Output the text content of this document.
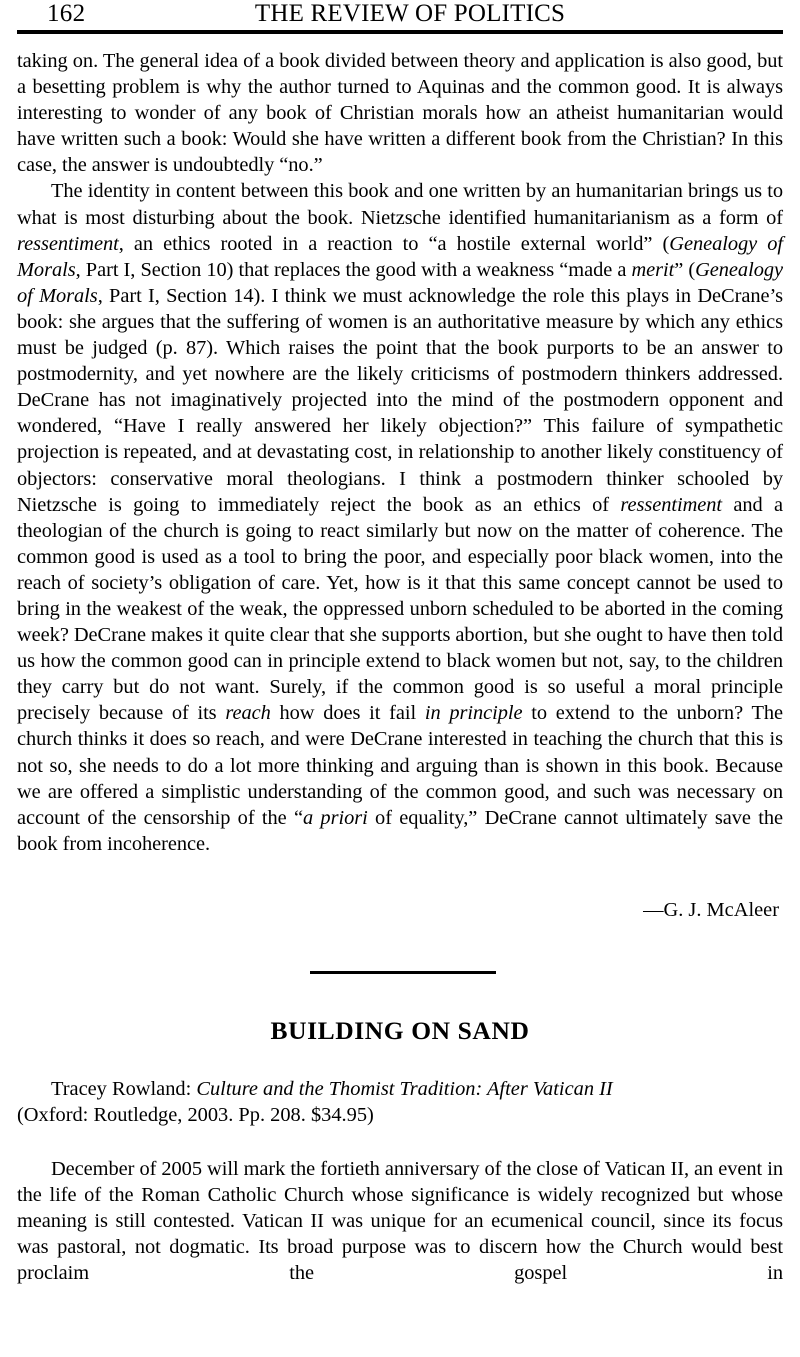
162	THE REVIEW OF POLITICS

taking on. The general idea of a book divided between theory and application is also good, but a besetting problem is why the author turned to Aquinas and the common good. It is always interesting to wonder of any book of Christian morals how an atheist humanitarian would have written such a book: Would she have written a different book from the Christian? In this case, the answer is undoubtedly “no.”

The identity in content between this book and one written by an humanitarian brings us to what is most disturbing about the book. Nietzsche identified humanitarianism as a form of ressentiment, an ethics rooted in a reaction to “a hostile external world” (Genealogy of Morals, Part I, Section 10) that replaces the good with a weakness “made a merit” (Genealogy of Morals, Part I, Section 14). I think we must acknowledge the role this plays in DeCrane’s book: she argues that the suffering of women is an authoritative measure by which any ethics must be judged (p. 87). Which raises the point that the book purports to be an answer to postmodernity, and yet nowhere are the likely criticisms of postmodern thinkers addressed. DeCrane has not imaginatively projected into the mind of the postmodern opponent and wondered, “Have I really answered her likely objection?” This failure of sympathetic projection is repeated, and at devastating cost, in relationship to another likely constituency of objectors: conservative moral theologians. I think a postmodern thinker schooled by Nietzsche is going to immediately reject the book as an ethics of ressentiment and a theologian of the church is going to react similarly but now on the matter of coherence. The common good is used as a tool to bring the poor, and especially poor black women, into the reach of society’s obligation of care. Yet, how is it that this same concept cannot be used to bring in the weakest of the weak, the oppressed unborn scheduled to be aborted in the coming week? DeCrane makes it quite clear that she supports abortion, but she ought to have then told us how the common good can in principle extend to black women but not, say, to the children they carry but do not want. Surely, if the common good is so useful a moral principle precisely because of its reach how does it fail in principle to extend to the unborn? The church thinks it does so reach, and were DeCrane interested in teaching the church that this is not so, she needs to do a lot more thinking and arguing than is shown in this book. Because we are offered a simplistic understanding of the common good, and such was necessary on account of the censorship of the “a priori of equality,” DeCrane cannot ultimately save the book from incoherence.

—G. J. McAleer
BUILDING ON SAND
Tracey Rowland: Culture and the Thomist Tradition: After Vatican II
(Oxford: Routledge, 2003. Pp. 208. $34.95)

December of 2005 will mark the fortieth anniversary of the close of Vatican II, an event in the life of the Roman Catholic Church whose significance is widely recognized but whose meaning is still contested. Vatican II was unique for an ecumenical council, since its focus was pastoral, not dogmatic. Its broad purpose was to discern how the Church would best proclaim the gospel in
